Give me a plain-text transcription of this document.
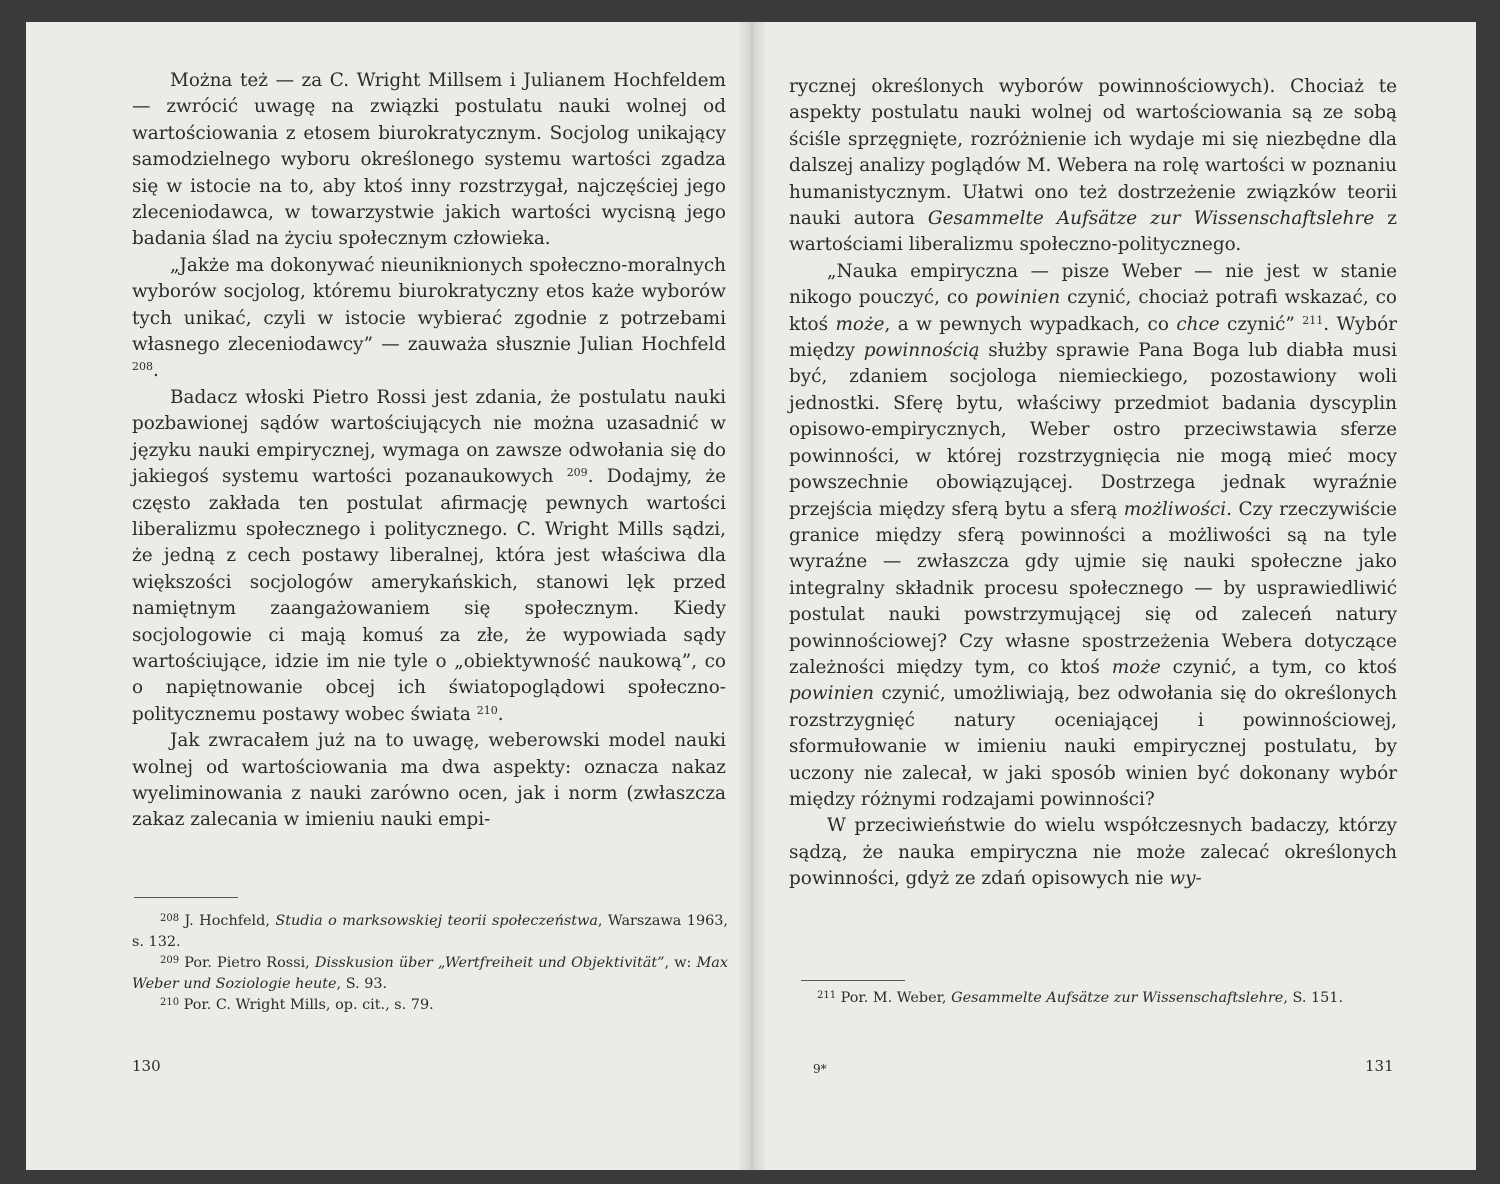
Można też — za C. Wright Millsem i Julianem Hochfeldem — zwrócić uwagę na związki postulatu nauki wolnej od wartościowania z etosem biurokratycznym. Socjolog unikający samodzielnego wyboru określonego systemu wartości zgadza się w istocie na to, aby ktoś inny rozstrzygał, najczęściej jego zleceniodawca, w towarzystwie jakich wartości wycisną jego badania ślad na życiu społecznym człowieka.

„Jakże ma dokonywać nieuniknionych społeczno-moralnych wyborów socjolog, któremu biurokratyczny etos każe wyborów tych unikać, czyli w istocie wybierać zgodnie z potrzebami własnego zleceniodawcy” — zauważa słusznie Julian Hochfeld $^{208}$.

Badacz włoski Pietro Rossi jest zdania, że postulatu nauki pozbawionej sądów wartościujących nie można uzasadnić w języku nauki empirycznej, wymaga on zawsze odwołania się do jakiegoś systemu wartości pozanaukowych $^{209}$. Dodajmy, że często zakłada ten postulat afirmację pewnych wartości liberalizmu społecznego i politycznego. C. Wright Mills sądzi, że jedną z cech postawy liberalnej, która jest właściwa dla większości socjologów amerykańskich, stanowi lęk przed namiętnym zaangażowaniem się społecznym. Kiedy socjologowie ci mają komuś za złe, że wypowiada sądy wartościujące, idzie im nie tyle o „obiektywność naukową”, co o napiętnowanie obcej ich światopoglądowi społeczno-politycznemu postawy wobec świata $^{210}$.

Jak zwracałem już na to uwagę, weberowski model nauki wolnej od wartościowania ma dwa aspekty: oznacza nakaz wyeliminowania z nauki zarówno ocen, jak i norm (zwłaszcza zakaz zalecania w imieniu nauki empi-

$^{208}$ J. Hochfeld, Studia o marksowskiej teorii społeczeństwa, Warszawa 1963, s. 132.

$^{209}$ Por. Pietro Rossi, Disskusion über „Wertfreiheit und Objektivität”, w: Max Weber und Soziologie heute, S. 93.

$^{210}$ Por. C. Wright Mills, op. cit., s. 79.

130

rycznej określonych wyborów powinnościowych). Chociaż te aspekty postulatu nauki wolnej od wartościowania są ze sobą ściśle sprzęgnięte, rozróżnienie ich wydaje mi się niezbędne dla dalszej analizy poglądów M. Webera na rolę wartości w poznaniu humanistycznym. Ułatwi ono też dostrzeżenie związków teorii nauki autora Gesammelte Aufsätze zur Wissenschaftslehre z wartościami liberalizmu społeczno-politycznego.

„Nauka empiryczna — pisze Weber — nie jest w stanie nikogo pouczyć, co powinien czynić, chociaż potrafi wskazać, co ktoś może, a w pewnych wypadkach, co chce czynić” $^{211}$. Wybór między powinnością służby sprawie Pana Boga lub diabła musi być, zdaniem socjologa niemieckiego, pozostawiony woli jednostki. Sferę bytu, właściwy przedmiot badania dyscyplin opisowo-empirycznych, Weber ostro przeciwstawia sferze powinności, w której rozstrzygnięcia nie mogą mieć mocy powszechnie obowiązującej. Dostrzega jednak wyraźnie przejścia między sferą bytu a sferą możliwości. Czy rzeczywiście granice między sferą powinności a możliwości są na tyle wyraźne — zwłaszcza gdy ujmie się nauki społeczne jako integralny składnik procesu społecznego — by usprawiedliwić postulat nauki powstrzymującej się od zaleceń natury powinnościowej? Czy własne spostrzeżenia Webera dotyczące zależności między tym, co ktoś może czynić, a tym, co ktoś powinien czynić, umożliwiają, bez odwołania się do określonych rozstrzygnięć natury oceniającej i powinnościowej, sformułowanie w imieniu nauki empirycznej postulatu, by uczony nie zalecał, w jaki sposób winien być dokonany wybór między różnymi rodzajami powinności?

W przeciwieństwie do wielu współczesnych badaczy, którzy sądzą, że nauka empiryczna nie może zalecać określonych powinności, gdyż ze zdań opisowych nie wy-

$^{211}$ Por. M. Weber, Gesammelte Aufsätze zur Wissenschaftslehre, S. 151.

9*	131
